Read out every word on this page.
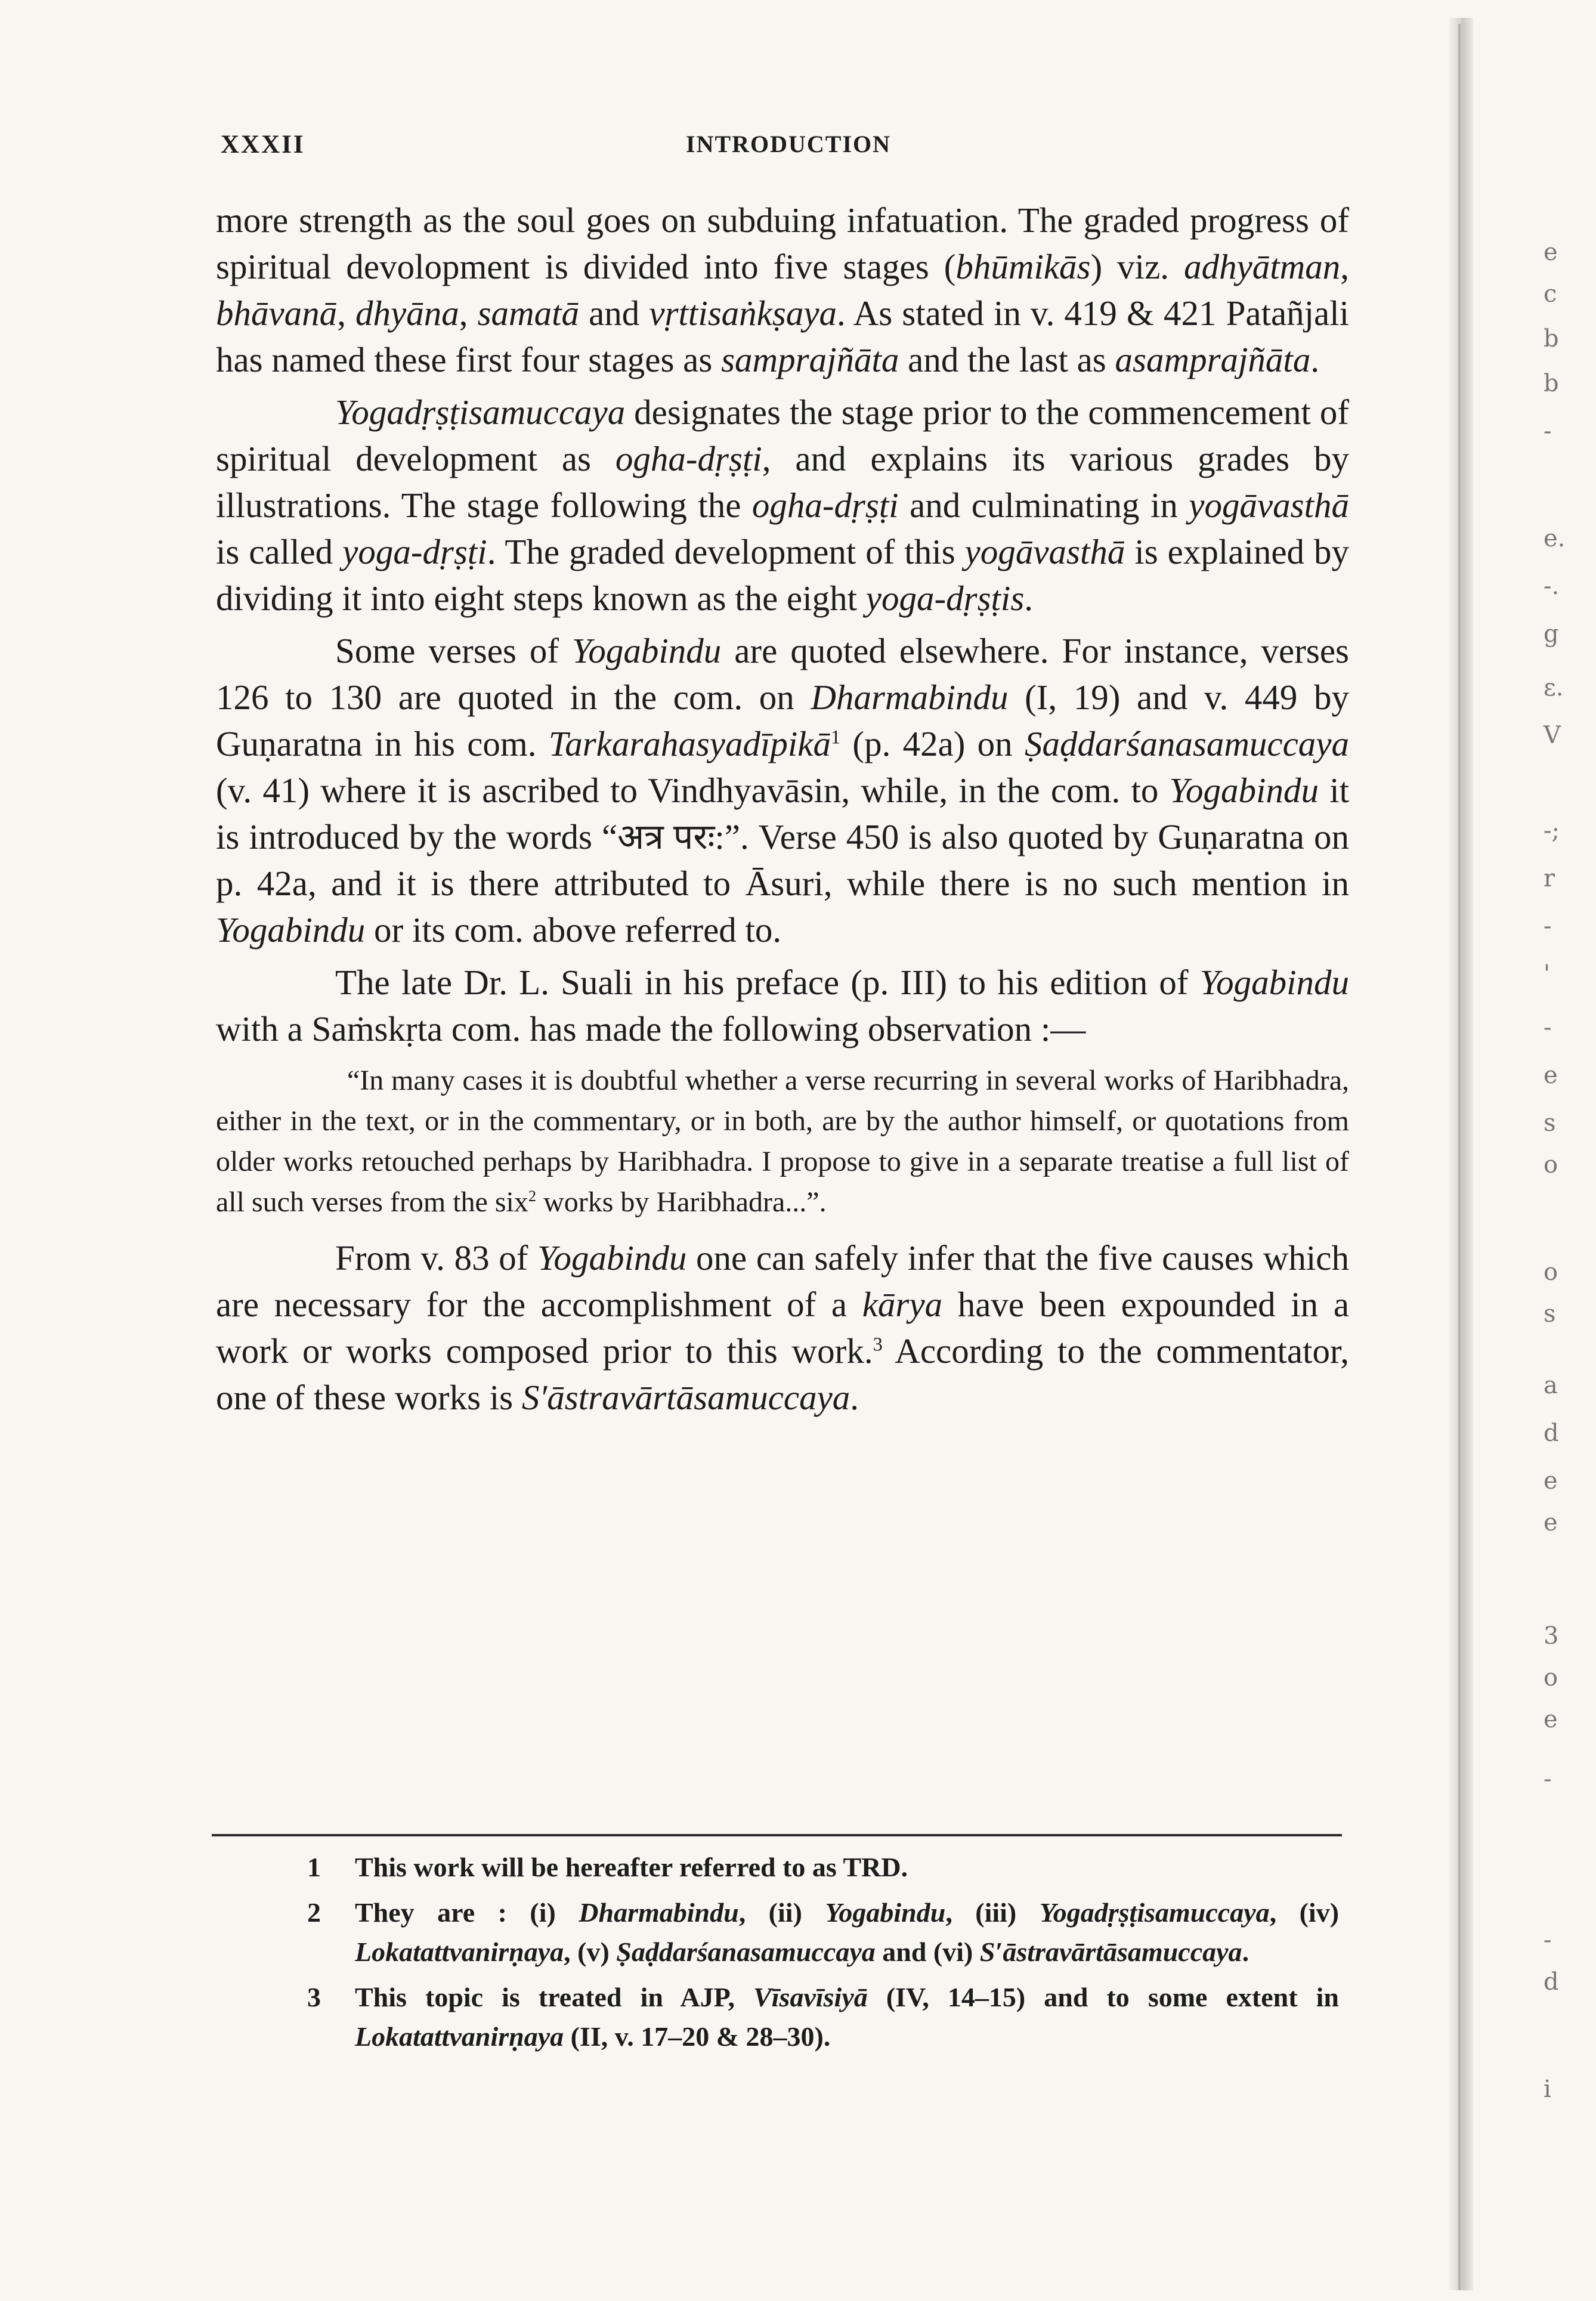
e
c
b
b
-
e.
-.
g
ε.
V
-;
r
-
'
-
e
s
o
o
s
a
d
e
e
3
o
e
-
-
d
i
XXXII	INTRODUCTION

more strength as the soul goes on subduing infatuation. The graded progress of spiritual devolopment is divided into five stages (bhūmikās) viz. adhyātman, bhāvanā, dhyāna, samatā and vṛttisaṅkṣaya. As stated in v. 419 & 421 Patañjali has named these first four stages as samprajñāta and the last as asamprajñāta.

Yogadṛṣṭisamuccaya designates the stage prior to the commencement of spiritual development as ogha-dṛṣṭi, and explains its various grades by illustrations. The stage following the ogha-dṛṣṭi and culminating in yogāvasthā is called yoga-dṛṣṭi. The graded development of this yogāvasthā is explained by dividing it into eight steps known as the eight yoga-dṛṣṭis.

Some verses of Yogabindu are quoted elsewhere. For instance, verses 126 to 130 are quoted in the com. on Dharmabindu (I, 19) and v. 449 by Guṇaratna in his com. Tarkarahasyadīpikā$^1$ (p. 42a) on Ṣaḍdarśanasamuccaya (v. 41) where it is ascribed to Vindhyavāsin, while, in the com. to Yogabindu it is introduced by the words “अत्र परः:”. Verse 450 is also quoted by Guṇaratna on p. 42a, and it is there attributed to Āsuri, while there is no such mention in Yogabindu or its com. above referred to.

The late Dr. L. Suali in his preface (p. III) to his edition of Yogabindu with a Saṁskṛta com. has made the following observation :—

“In many cases it is doubtful whether a verse recurring in several works of Haribhadra, either in the text, or in the commentary, or in both, are by the author himself, or quotations from older works retouched perhaps by Haribhadra. I propose to give in a separate treatise a full list of all such verses from the six$^2$ works by Haribhadra...”.

From v. 83 of Yogabindu one can safely infer that the five causes which are necessary for the accomplishment of a kārya have been expounded in a work or works composed prior to this work.$^3$ According to the commentator, one of these works is S′āstravārtāsamuccaya.

1 This work will be hereafter referred to as TRD.
2 They are : (i) Dharmabindu, (ii) Yogabindu, (iii) Yogadṛṣṭisamuccaya, (iv) Lokatattvanirṇaya, (v) Ṣaḍdarśanasamuccaya and (vi) S′āstravārtāsamuccaya.
3 This topic is treated in AJP, Vīsavīsiyā (IV, 14–15) and to some extent in Lokatattvanirṇaya (II, v. 17–20 & 28–30).
